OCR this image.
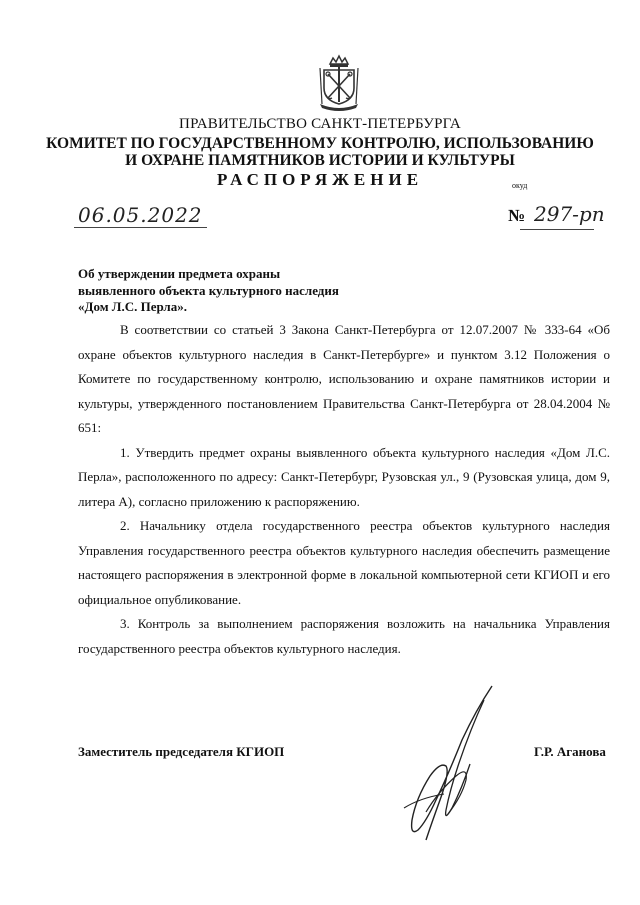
ПРАВИТЕЛЬСТВО САНКТ-ПЕТЕРБУРГА
КОМИТЕТ ПО ГОСУДАРСТВЕННОМУ КОНТРОЛЮ, ИСПОЛЬЗОВАНИЮ
И ОХРАНЕ ПАМЯТНИКОВ ИСТОРИИ И КУЛЬТУРЫ
РАСПОРЯЖЕНИЕ	окуд
06.05.2022	№ 297-рп
Об утверждении предмета охраны
выявленного объекта культурного наследия
«Дом Л.С. Перла».

В соответствии со статьей 3 Закона Санкт-Петербурга от 12.07.2007 № 333-64 «Об охране объектов культурного наследия в Санкт-Петербурге» и пунктом 3.12 Положения о Комитете по государственному контролю, использованию и охране памятников истории и культуры, утвержденного постановлением Правительства Санкт-Петербурга от 28.04.2004 № 651:

1. Утвердить предмет охраны выявленного объекта культурного наследия «Дом Л.С. Перла», расположенного по адресу: Санкт-Петербург, Рузовская ул., 9 (Рузовская улица, дом 9, литера А), согласно приложению к распоряжению.

2. Начальнику отдела государственного реестра объектов культурного наследия Управления государственного реестра объектов культурного наследия обеспечить размещение настоящего распоряжения в электронной форме в локальной компьютерной сети КГИОП и его официальное опубликование.

3. Контроль за выполнением распоряжения возложить на начальника Управления государственного реестра объектов культурного наследия.

Заместитель председателя КГИОП	Г.Р. Аганова
